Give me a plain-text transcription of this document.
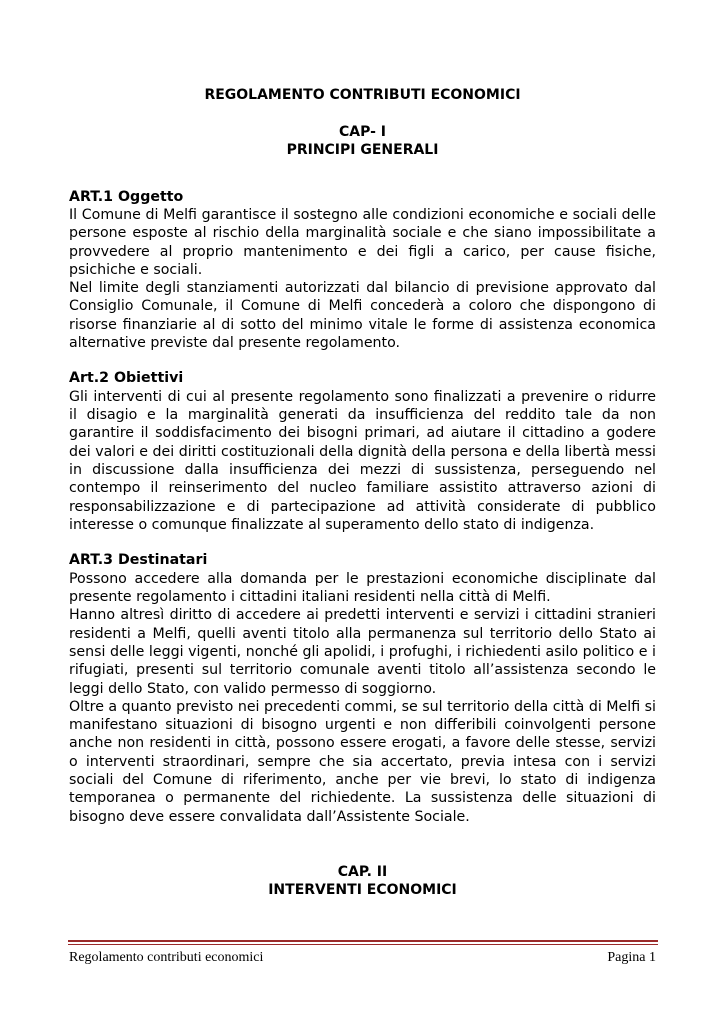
REGOLAMENTO CONTRIBUTI ECONOMICI

CAP- I

PRINCIPI GENERALI

ART.1 Oggetto

Il Comune di Melfi garantisce il sostegno alle condizioni economiche e sociali delle persone esposte al rischio della marginalità sociale e che siano impossibilitate a provvedere al proprio mantenimento e dei figli a carico, per cause fisiche, psichiche e sociali.

Nel limite degli stanziamenti autorizzati dal bilancio di previsione approvato dal Consiglio Comunale, il Comune di Melfi concederà a coloro che dispongono di risorse finanziarie al di sotto del minimo vitale le forme di assistenza economica alternative previste dal presente regolamento.

Art.2 Obiettivi

Gli interventi di cui al presente regolamento sono finalizzati a prevenire o ridurre il disagio e la marginalità generati da insufficienza del reddito tale da non garantire il soddisfacimento dei bisogni primari, ad aiutare il cittadino a godere dei valori e dei diritti costituzionali della dignità della persona e della libertà messi in discussione dalla insufficienza dei mezzi di sussistenza, perseguendo nel contempo il reinserimento del nucleo familiare assistito attraverso azioni di responsabilizzazione e di partecipazione ad attività considerate di pubblico interesse o comunque finalizzate al superamento dello stato di indigenza.

ART.3 Destinatari

Possono accedere alla domanda per le prestazioni economiche disciplinate dal presente regolamento i cittadini italiani residenti nella città di Melfi.

Hanno altresì diritto di accedere ai predetti interventi e servizi i cittadini stranieri residenti a Melfi, quelli aventi titolo alla permanenza sul territorio dello Stato ai sensi delle leggi vigenti, nonché gli apolidi, i profughi, i richiedenti asilo politico e i rifugiati, presenti sul territorio comunale aventi titolo all’assistenza secondo le leggi dello Stato, con valido permesso di soggiorno.

Oltre a quanto previsto nei precedenti commi, se sul territorio della città di Melfi si manifestano situazioni di bisogno urgenti e non differibili coinvolgenti persone anche non residenti in città, possono essere erogati, a favore delle stesse, servizi o interventi straordinari, sempre che sia accertato, previa intesa con i servizi sociali del Comune di riferimento, anche per vie brevi, lo stato di indigenza temporanea o permanente del richiedente. La sussistenza delle situazioni di bisogno deve essere convalidata dall’Assistente Sociale.

CAP. II

INTERVENTI ECONOMICI

Regolamento contributi economici	Pagina 1
